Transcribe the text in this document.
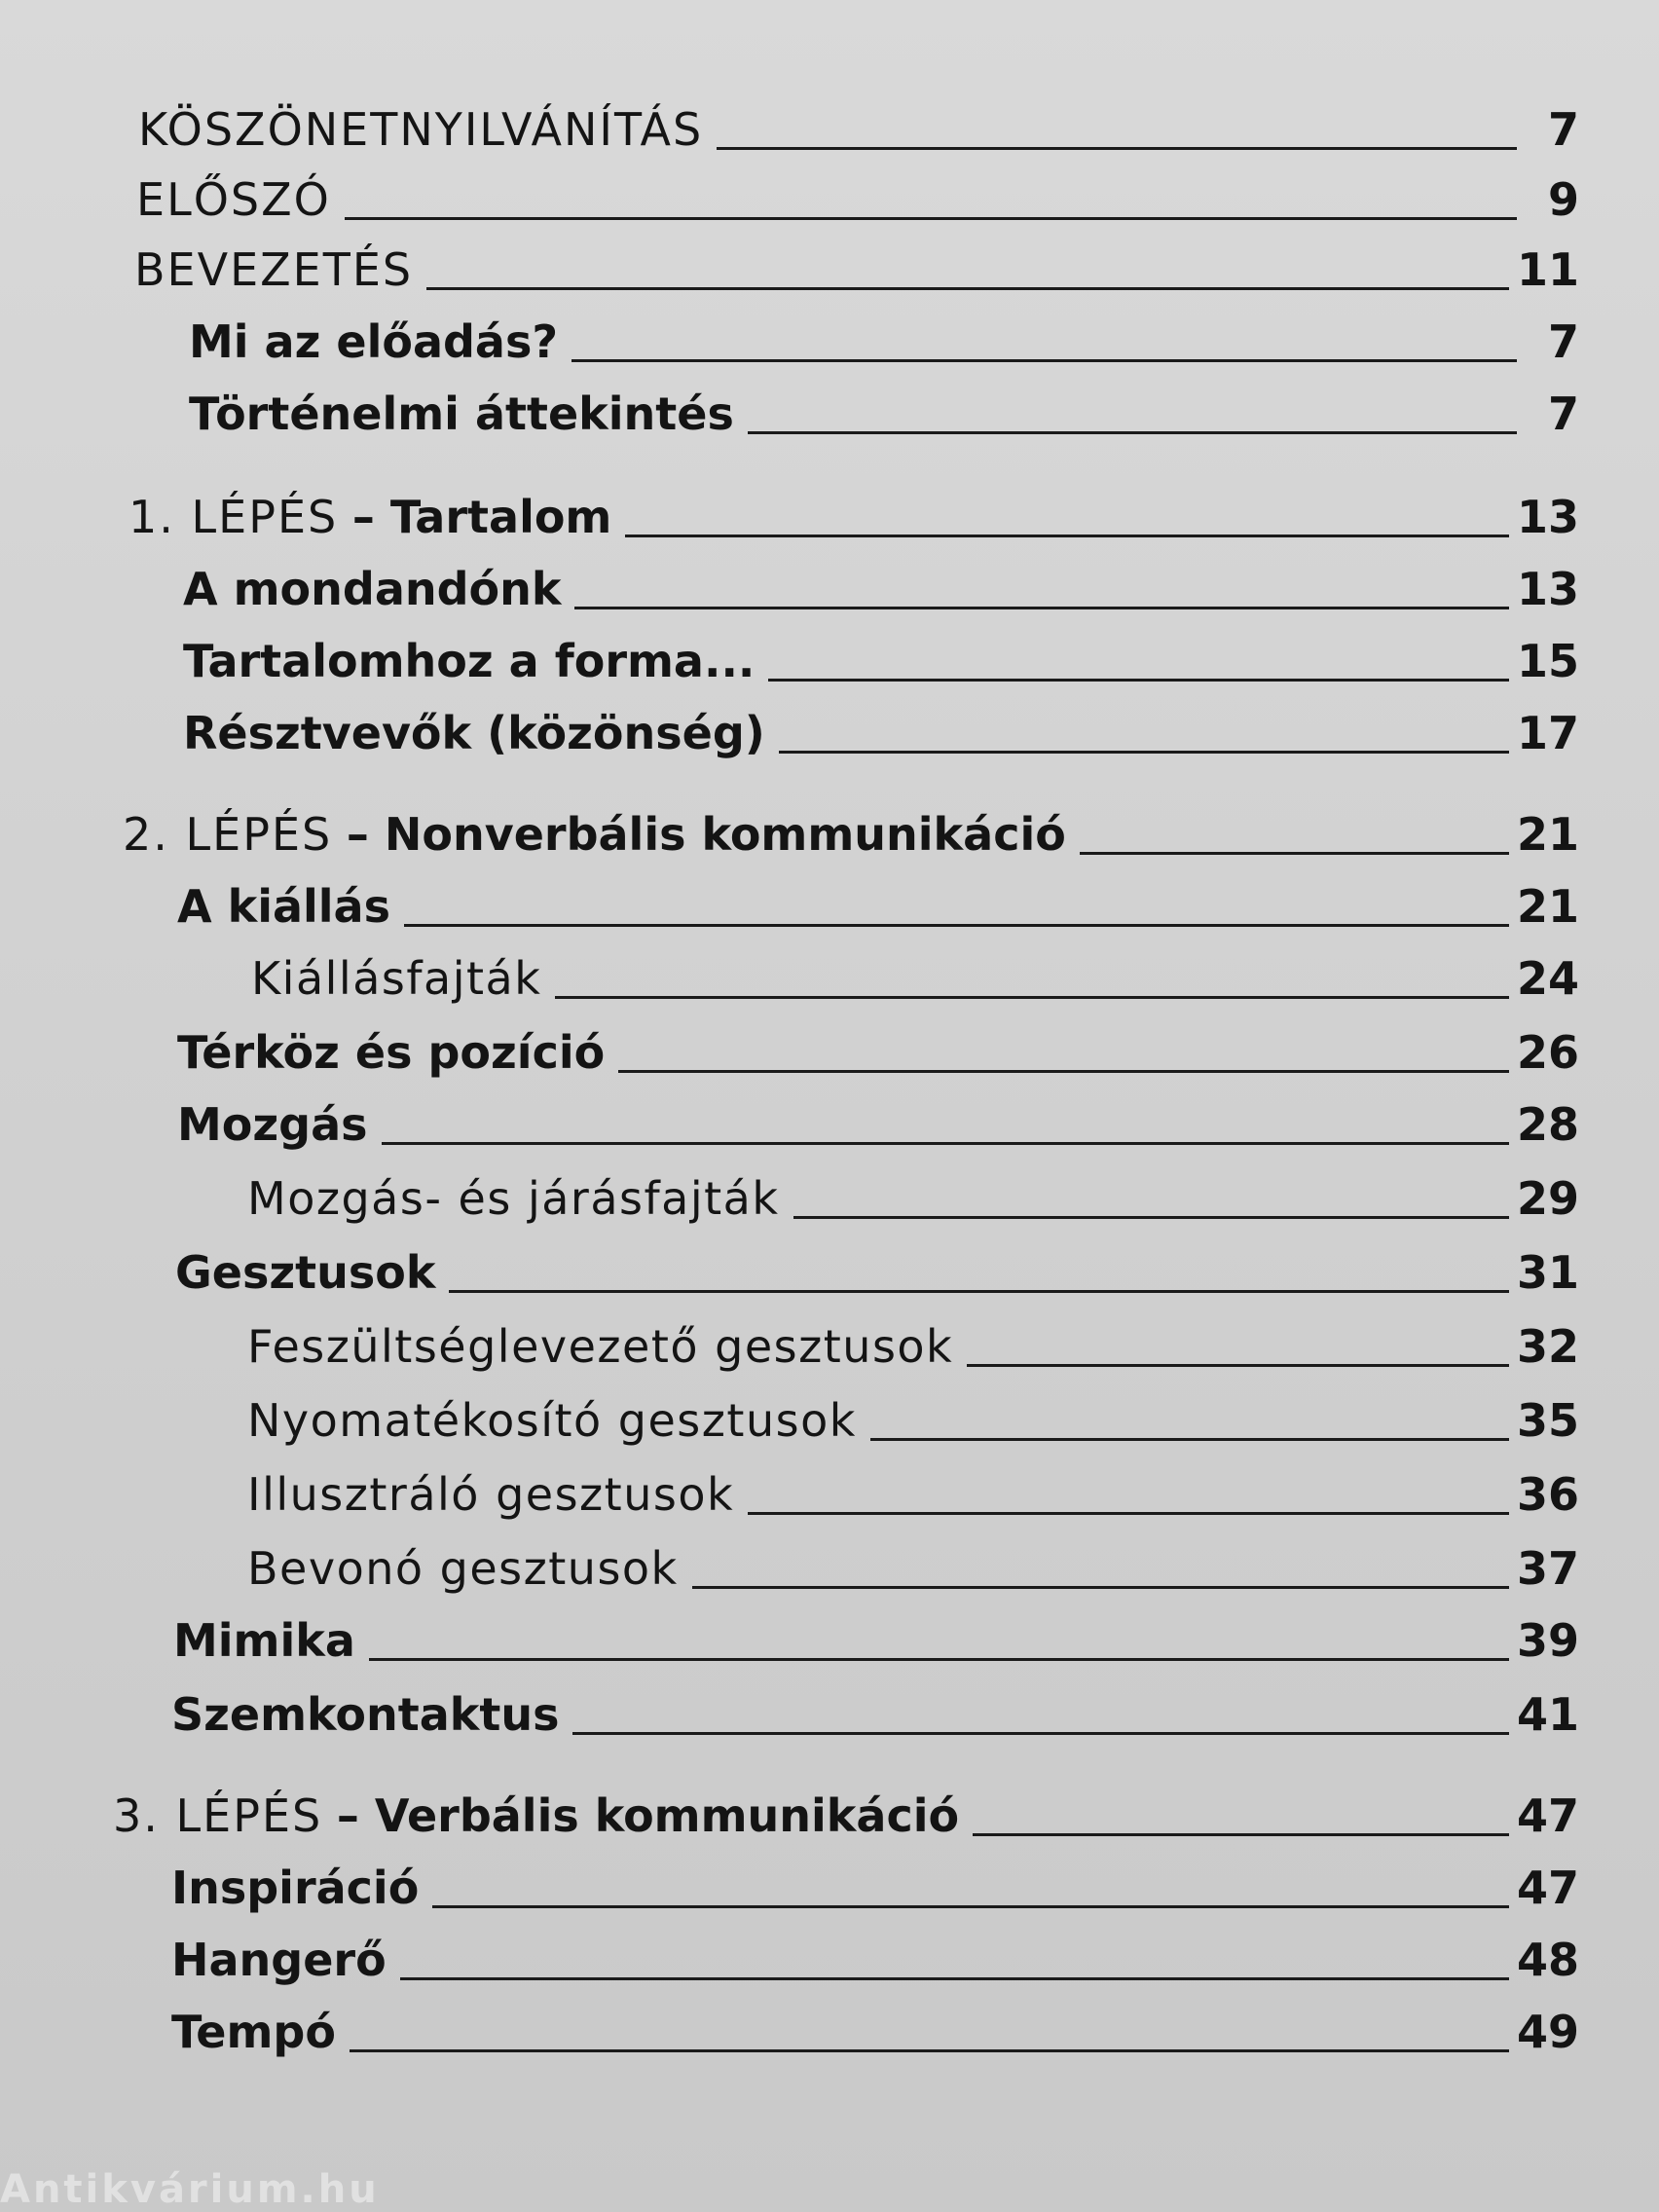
KÖSZÖNETNYILVÁNÍTÁS	7
ELŐSZÓ	9
BEVEZETÉS	11
Mi az előadás?	7
Történelmi áttekintés	7
1. LÉPÉS – Tartalom	13
A mondandónk	13
Tartalomhoz a forma...	15
Résztvevők (közönség)	17
2. LÉPÉS – Nonverbális kommunikáció	21
A kiállás	21
Kiállásfajták	24
Térköz és pozíció	26
Mozgás	28
Mozgás- és járásfajták	29
Gesztusok	31
Feszültséglevezető gesztusok	32
Nyomatékosító gesztusok	35
Illusztráló gesztusok	36
Bevonó gesztusok	37
Mimika	39
Szemkontaktus	41
3. LÉPÉS – Verbális kommunikáció	47
Inspiráció	47
Hangerő	48
Tempó	49
Antikvárium.hu
